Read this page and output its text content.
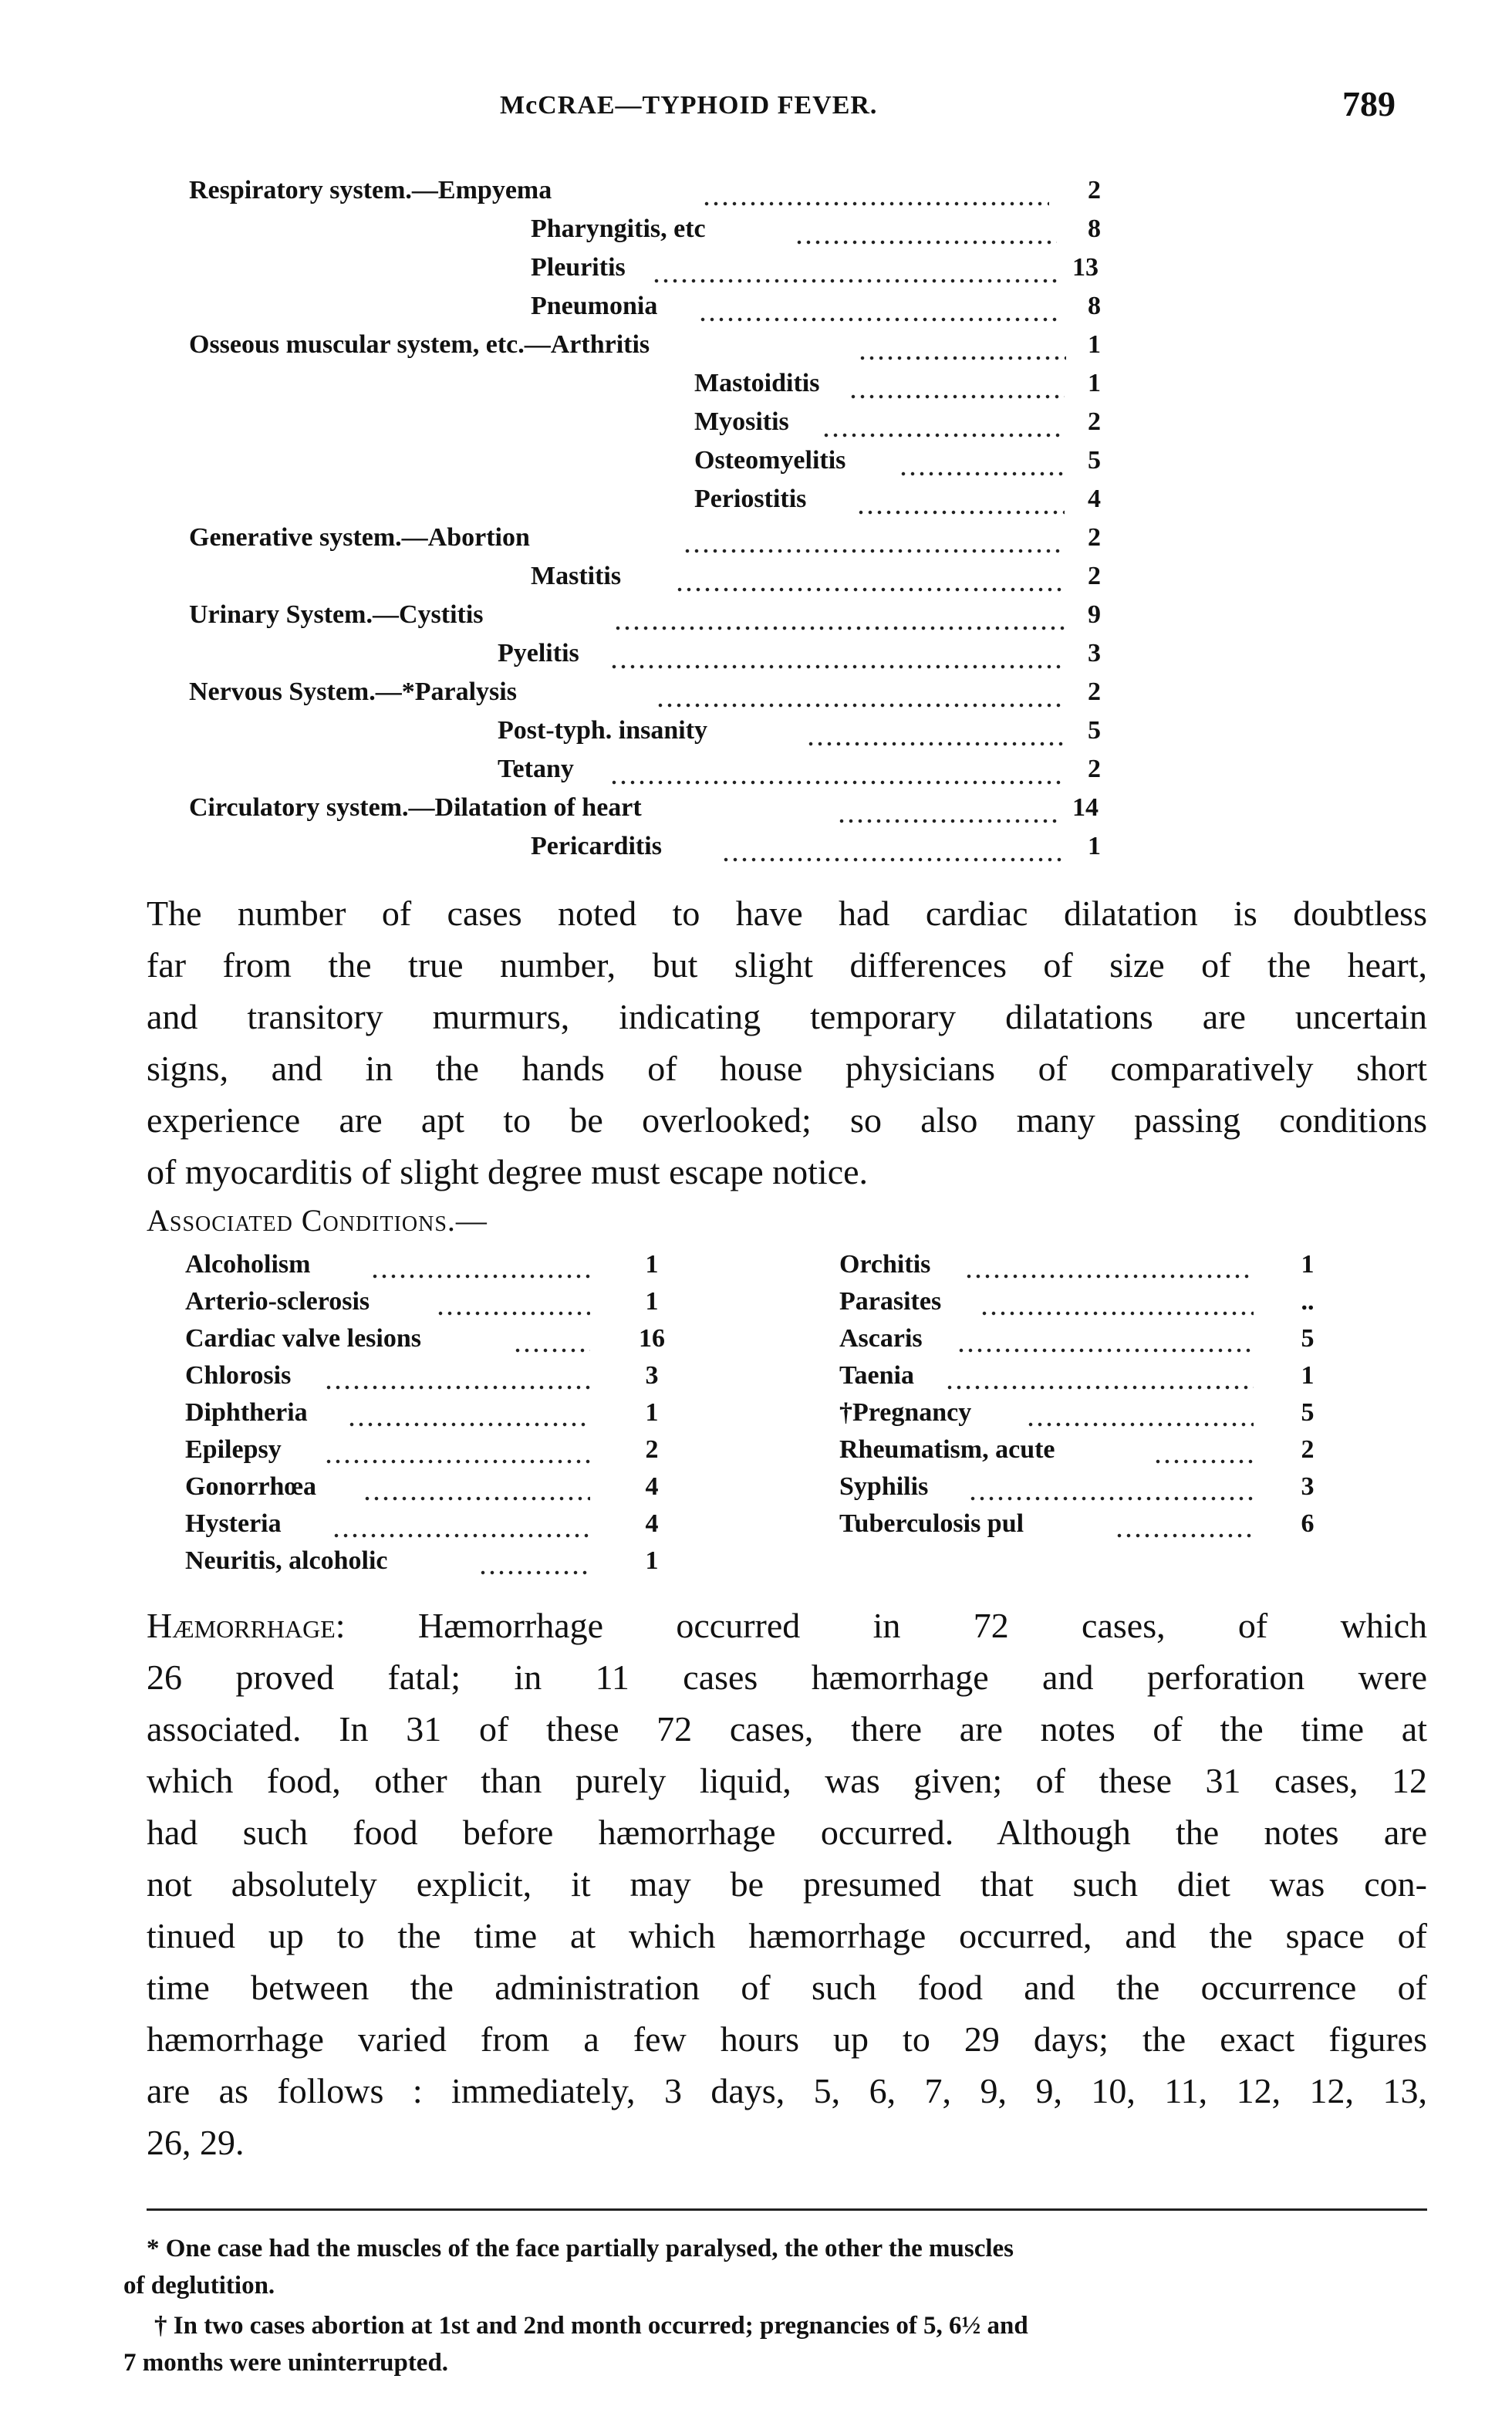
McCRAE—TYPHOID FEVER.	789
Respiratory system.—Empyema	2
Pharyngitis, etc	8
Pleuritis	13
Pneumonia	8
Osseous muscular system, etc.—Arthritis	1
Mastoiditis	1
Myositis	2
Osteomyelitis	5
Periostitis	4
Generative system.—Abortion	2
Mastitis	2
Urinary System.—Cystitis	9
Pyelitis	3
Nervous System.—*Paralysis	2
Post-typh. insanity	5
Tetany	2
Circulatory system.—Dilatation of heart	14
Pericarditis	1
The number of cases noted to have had cardiac dilatation is doubtless
far from the true number, but slight differences of size of the heart,
and transitory murmurs, indicating temporary dilatations are uncertain
signs, and in the hands of house physicians of comparatively short
experience are apt to be overlooked; so also many passing conditions
of myocarditis of slight degree must escape notice.
Associated Conditions.—
Alcoholism	1
Arterio-sclerosis	1
Cardiac valve lesions	16
Chlorosis	3
Diphtheria	1
Epilepsy	2
Gonorrhœa	4
Hysteria	4
Neuritis, alcoholic	1
Orchitis	1
Parasites	..
Ascaris	5
Taenia	1
†Pregnancy	5
Rheumatism, acute	2
Syphilis	3
Tuberculosis pul	6
Hæmorrhage: Hæmorrhage occurred in 72 cases, of which
26 proved fatal; in 11 cases hæmorrhage and perforation were
associated. In 31 of these 72 cases, there are notes of the time at
which food, other than purely liquid, was given; of these 31 cases, 12
had such food before hæmorrhage occurred. Although the notes are
not absolutely explicit, it may be presumed that such diet was con-
tinued up to the time at which hæmorrhage occurred, and the space of
time between the administration of such food and the occurrence of
hæmorrhage varied from a few hours up to 29 days; the exact figures
are as follows : immediately, 3 days, 5, 6, 7, 9, 9, 10, 11, 12, 12, 13,
26, 29.
* One case had the muscles of the face partially paralysed, the other the muscles
of deglutition.
† In two cases abortion at 1st and 2nd month occurred; pregnancies of 5, 6½ and
7 months were uninterrupted.
